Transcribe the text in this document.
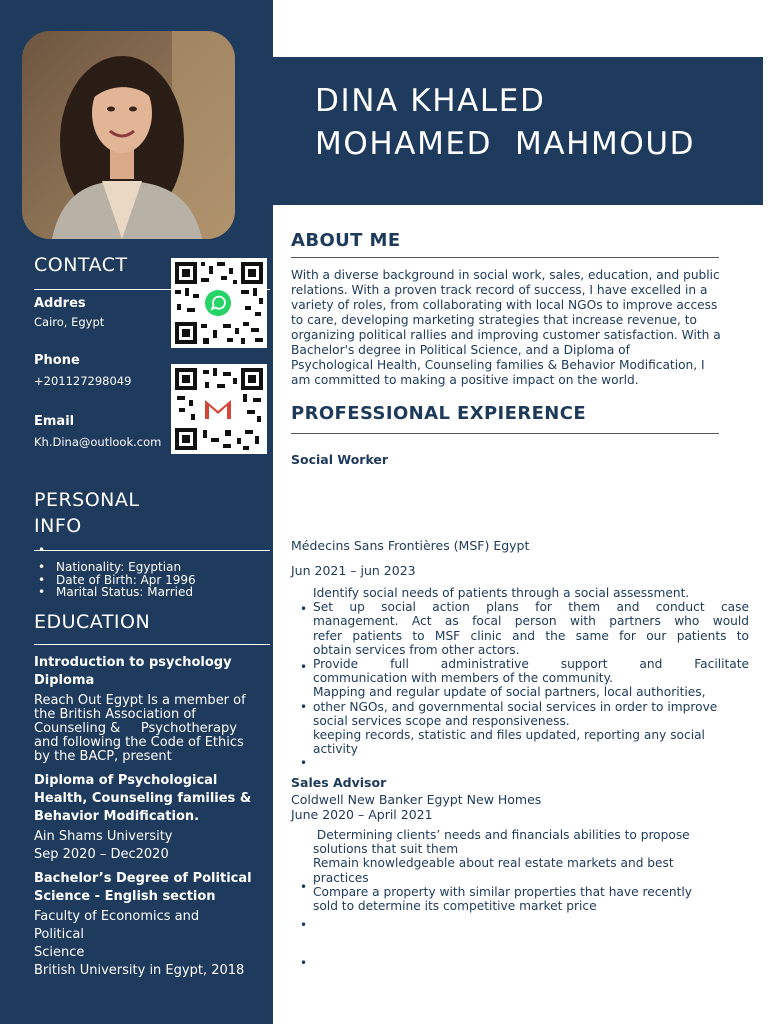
CONTACT
Addres
Cairo, Egypt
Phone
+201127298049
Email
Kh.Dina@outlook.com
PERSONAL
INFO
•
• Nationality: Egyptian
• Date of Birth: Apr 1996
• Marital Status: Married
EDUCATION
Introduction to psychology
Diploma
Reach Out Egypt Is a member of
the British Association of
Counseling &     Psychotherapy
and following the Code of Ethics
by the BACP, present
Diploma of Psychological
Health, Counseling families &
Behavior Modification.
Ain Shams University
Sep 2020 – Dec2020
Bachelor’s Degree of Political
Science - English section
Faculty of Economics and
Political
Science
British University in Egypt, 2018
DINA KHALED
MOHAMED  MAHMOUD
ABOUT ME
With a diverse background in social work, sales, education, and public
relations. With a proven track record of success, I have excelled in a
variety of roles, from collaborating with local NGOs to improve access
to care, developing marketing strategies that increase revenue, to
organizing political rallies and improving customer satisfaction. With a
Bachelor's degree in Political Science, and a Diploma of
Psychological Health, Counseling families & Behavior Modification, I
am committed to making a positive impact on the world.
PROFESSIONAL EXPIERENCE
Social Worker
Médecins Sans Frontières (MSF) Egypt
Jun 2021 – jun 2023
•
•
•
•
Identify social needs of patients through a social assessment.
Set up social action plans for them and conduct case
management. Act as focal person with partners who would
refer patients to MSF clinic and the same for our patients to
obtain services from other actors.
Provide full administrative support and Facilitate
communication with members of the community.
Mapping and regular update of social partners, local authorities,
other NGOs, and governmental social services in order to improve
social services scope and responsiveness.
keeping records, statistic and files updated, reporting any social
activity
Sales Advisor
Coldwell New Banker Egypt New Homes
June 2020 – April 2021
Determining clients’ needs and financials abilities to propose
solutions that suit them
Remain knowledgeable about real estate markets and best
practices
Compare a property with similar properties that have recently
sold to determine its competitive market price
•
•
•
